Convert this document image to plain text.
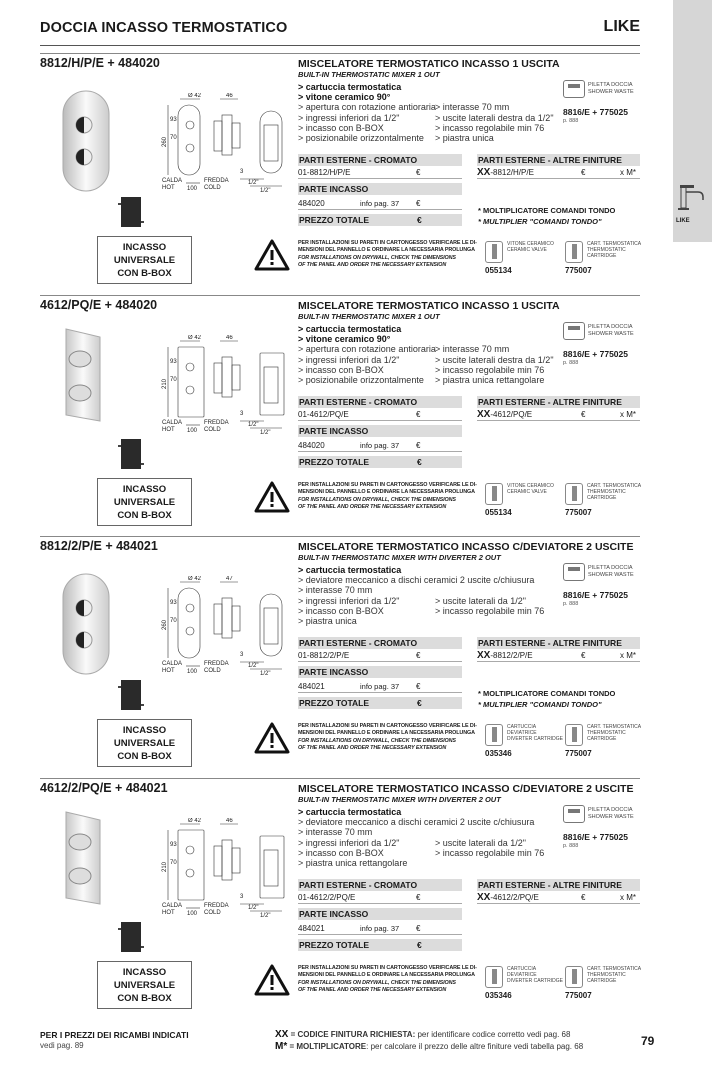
DOCCIA INCASSO TERMOSTATICO	LIKE
LIKE
8812/H/P/E + 484020
Ø 42	46
260
93
70
CALDA
HOT 100
FREDDA
COLD
3
1/2"
1/2"
INCASSO
UNIVERSALE
CON B-BOX
MISCELATORE TERMOSTATICO INCASSO 1 USCITA
BUILT-IN THERMOSTATIC MIXER 1 OUT
> cartuccia termostatica
> vitone ceramico 90°
> apertura con rotazione antioraria > interasse 70 mm
> ingressi inferiori da 1/2"	> uscite laterali destra da 1/2"
> incasso con B-BOX	> incasso regolabile min 76
> posizionabile orizzontalmente	> piastra unica
PILETTA DOCCIA
SHOWER WASTE
8816/E + 775025
p. 888
PARTI ESTERNE - CROMATO
01-8812/H/P/E	€
PARTE INCASSO
484020	info pag. 37 €
PREZZO TOTALE	€
PARTI ESTERNE - ALTRE FINITURE
XX-8812/H/P/E	€	x M*
* MOLTIPLICATORE COMANDI TONDO
* MULTIPLIER "COMANDI TONDO"
PER INSTALLAZIONI SU PARETI IN CARTONGESSO VERIFICARE LE DI-
MENSIONI DEL PANNELLO E ORDINARE LA NECESSARIA PROLUNGA
FOR INSTALLATIONS ON DRYWALL, CHECK THE DIMENSIONS
OF THE PANEL AND ORDER THE NECESSARY EXTENSION
VITONE CERAMICO
CERAMIC VALVE
055134
CART. TERMOSTATICA
THERMOSTATIC
CARTRIDGE
775007
4612/PQ/E + 484020
Ø 42	46
210
93
70
CALDA
HOT 100
FREDDA
COLD
3
1/2"
1/2"
INCASSO
UNIVERSALE
CON B-BOX
MISCELATORE TERMOSTATICO INCASSO 1 USCITA
BUILT-IN THERMOSTATIC MIXER 1 OUT
> cartuccia termostatica
> vitone ceramico 90°
> apertura con rotazione antioraria > interasse 70 mm
> ingressi inferiori da 1/2"	> uscite laterali destra da 1/2"
> incasso con B-BOX	> incasso regolabile min 76
> posizionabile orizzontalmente	> piastra unica rettangolare
PILETTA DOCCIA
SHOWER WASTE
8816/E + 775025
p. 888
PARTI ESTERNE - CROMATO
01-4612/PQ/E	€
PARTE INCASSO
484020	info pag. 37 €
PREZZO TOTALE	€
PARTI ESTERNE - ALTRE FINITURE
XX-4612/PQ/E	€	x M*
PER INSTALLAZIONI SU PARETI IN CARTONGESSO VERIFICARE LE DI-
MENSIONI DEL PANNELLO E ORDINARE LA NECESSARIA PROLUNGA
FOR INSTALLATIONS ON DRYWALL, CHECK THE DIMENSIONS
OF THE PANEL AND ORDER THE NECESSARY EXTENSION
VITONE CERAMICO
CERAMIC VALVE
055134
CART. TERMOSTATICA
THERMOSTATIC
CARTRIDGE
775007
8812/2/P/E + 484021
Ø 42	47
260
93
70
CALDA
HOT 100
FREDDA
COLD
3
1/2"
1/2"
INCASSO
UNIVERSALE
CON B-BOX
MISCELATORE TERMOSTATICO INCASSO C/DEVIATORE 2 USCITE
BUILT-IN THERMOSTATIC MIXER WITH DIVERTER 2 OUT
> cartuccia termostatica
> deviatore meccanico a dischi ceramici 2 uscite c/chiusura
> interasse 70 mm
> ingressi inferiori da 1/2"	> uscite laterali da 1/2"
> incasso con B-BOX	> incasso regolabile min 76
> piastra unica
PILETTA DOCCIA
SHOWER WASTE
8816/E + 775025
p. 888
PARTI ESTERNE - CROMATO
01-8812/2/P/E	€
PARTE INCASSO
484021	info pag. 37 €
PREZZO TOTALE	€
PARTI ESTERNE - ALTRE FINITURE
XX-8812/2/P/E	€	x M*
* MOLTIPLICATORE COMANDI TONDO
* MULTIPLIER "COMANDI TONDO"
PER INSTALLAZIONI SU PARETI IN CARTONGESSO VERIFICARE LE DI-
MENSIONI DEL PANNELLO E ORDINARE LA NECESSARIA PROLUNGA
FOR INSTALLATIONS ON DRYWALL, CHECK THE DIMENSIONS
OF THE PANEL AND ORDER THE NECESSARY EXTENSION
CARTUCCIA
DEVIATRICE
DIVERTER CARTRIDGE
035346
CART. TERMOSTATICA
THERMOSTATIC
CARTRIDGE
775007
4612/2/PQ/E + 484021
Ø 42	46
210
93
70
CALDA
HOT 100
FREDDA
COLD
3
1/2"
1/2"
INCASSO
UNIVERSALE
CON B-BOX
MISCELATORE TERMOSTATICO INCASSO C/DEVIATORE 2 USCITE
BUILT-IN THERMOSTATIC MIXER WITH DIVERTER 2 OUT
> cartuccia termostatica
> deviatore meccanico a dischi ceramici 2 uscite c/chiusura
> interasse 70 mm
> ingressi inferiori da 1/2"	> uscite laterali da 1/2"
> incasso con B-BOX	> incasso regolabile min 76
> piastra unica rettangolare
PILETTA DOCCIA
SHOWER WASTE
8816/E + 775025
p. 888
PARTI ESTERNE - CROMATO
01-4612/2/PQ/E	€
PARTE INCASSO
484021	info pag. 37 €
PREZZO TOTALE	€
PARTI ESTERNE - ALTRE FINITURE
XX-4612/2/PQ/E	€	x M*
PER INSTALLAZIONI SU PARETI IN CARTONGESSO VERIFICARE LE DI-
MENSIONI DEL PANNELLO E ORDINARE LA NECESSARIA PROLUNGA
FOR INSTALLATIONS ON DRYWALL, CHECK THE DIMENSIONS
OF THE PANEL AND ORDER THE NECESSARY EXTENSION
CARTUCCIA
DEVIATRICE
DIVERTER CARTRIDGE
035346
CART. TERMOSTATICA
THERMOSTATIC
CARTRIDGE
775007
PER I PREZZI DEI RICAMBI INDICATI
vedi pag. 89
XX = CODICE FINITURA RICHIESTA: per identificare codice corretto vedi pag. 68
M* = MOLTIPLICATORE: per calcolare il prezzo delle altre finiture vedi tabella pag. 68	79
